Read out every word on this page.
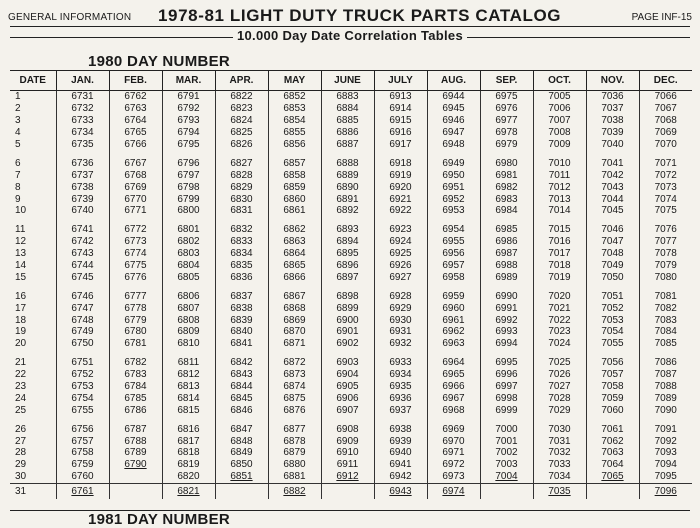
GENERAL INFORMATION 1978-81 LIGHT DUTY TRUCK PARTS CATALOG	PAGE INF-15
10.000 Day Date Correlation Tables
1980 DAY NUMBER
DATE	JAN.	FEB.	MAR.	APR.	MAY	JUNE	JULY	AUG.	SEP.	OCT.	NOV.	DEC.
1	6731	6762	6791	6822	6852	6883	6913	6944	6975	7005	7036	7066
2	6732	6763	6792	6823	6853	6884	6914	6945	6976	7006	7037	7067
3	6733	6764	6793	6824	6854	6885	6915	6946	6977	7007	7038	7068
4	6734	6765	6794	6825	6855	6886	6916	6947	6978	7008	7039	7069
5	6735	6766	6795	6826	6856	6887	6917	6948	6979	7009	7040	7070

6	6736	6767	6796	6827	6857	6888	6918	6949	6980	7010	7041	7071
7	6737	6768	6797	6828	6858	6889	6919	6950	6981	7011	7042	7072
8	6738	6769	6798	6829	6859	6890	6920	6951	6982	7012	7043	7073
9	6739	6770	6799	6830	6860	6891	6921	6952	6983	7013	7044	7074
10	6740	6771	6800	6831	6861	6892	6922	6953	6984	7014	7045	7075

11	6741	6772	6801	6832	6862	6893	6923	6954	6985	7015	7046	7076
12	6742	6773	6802	6833	6863	6894	6924	6955	6986	7016	7047	7077
13	6743	6774	6803	6834	6864	6895	6925	6956	6987	7017	7048	7078
14	6744	6775	6804	6835	6865	6896	6926	6957	6988	7018	7049	7079
15	6745	6776	6805	6836	6866	6897	6927	6958	6989	7019	7050	7080

16	6746	6777	6806	6837	6867	6898	6928	6959	6990	7020	7051	7081
17	6747	6778	6807	6838	6868	6899	6929	6960	6991	7021	7052	7082
18	6748	6779	6808	6839	6869	6900	6930	6961	6992	7022	7053	7083
19	6749	6780	6809	6840	6870	6901	6931	6962	6993	7023	7054	7084
20	6750	6781	6810	6841	6871	6902	6932	6963	6994	7024	7055	7085

21	6751	6782	6811	6842	6872	6903	6933	6964	6995	7025	7056	7086
22	6752	6783	6812	6843	6873	6904	6934	6965	6996	7026	7057	7087
23	6753	6784	6813	6844	6874	6905	6935	6966	6997	7027	7058	7088
24	6754	6785	6814	6845	6875	6906	6936	6967	6998	7028	7059	7089
25	6755	6786	6815	6846	6876	6907	6937	6968	6999	7029	7060	7090

26	6756	6787	6816	6847	6877	6908	6938	6969	7000	7030	7061	7091
27	6757	6788	6817	6848	6878	6909	6939	6970	7001	7031	7062	7092
28	6758	6789	6818	6849	6879	6910	6940	6971	7002	7032	7063	7093
29	6759	6790	6819	6850	6880	6911	6941	6972	7003	7033	7064	7094
30	6760		6820	6851	6881	6912	6942	6973	7004	7034	7065	7095
31	6761		6821		6882		6943	6974		7035		7096
1981 DAY NUMBER
